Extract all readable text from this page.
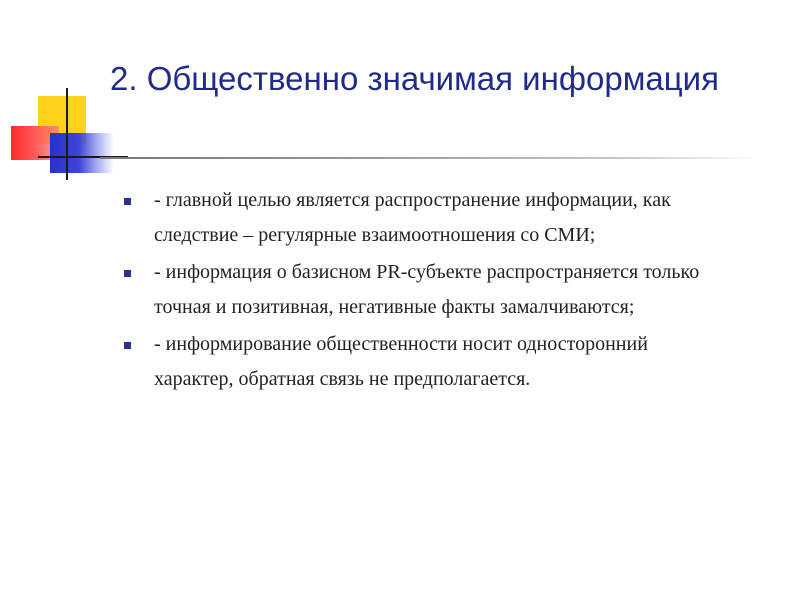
2. Общественно значимая информация
- главной целью является распространение информации, как следствие – регулярные взаимоотношения со СМИ;
- информация о базисном PR-субъекте распространяется только точная и позитивная, негативные факты замалчиваются;
- информирование общественности носит односторонний характер, обратная связь не предполагается.
